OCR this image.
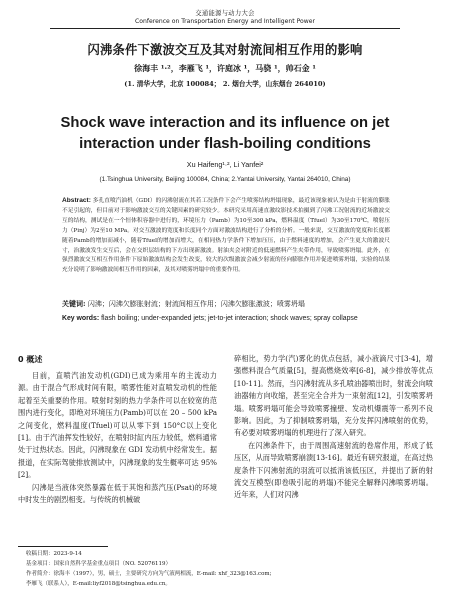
交通能源与动力大会
Conference on Transportation Energy and Intelligent Power
闪沸条件下激波交互及其对射流间相互作用的影响
徐海丰 ¹·²，李雁飞 ¹，许庭冰 ¹，马骁 ¹，帅石金 ¹
(1. 清华大学，北京 100084； 2. 烟台大学，山东烟台 264010)
Shock wave interaction and its influence on jet interaction under flash-boiling conditions
Xu Haifeng¹·², Li Yanfei²
(1.Tsinghua University, Beijing 100084, China; 2.Yantai University, Yantai 264010, China)
Abstract: 多孔直喷汽油机（GDI）的闪沸射流在其若工况条件下会产生喷雾结构坍塌现象，最近该现象被认为是由于射流的膨胀不足引起的，但目前对于影响激波交互的关键因素的研究较少。本研究采用高速直激纹影技术拍摄到了闪沸工况射流的近场激波交互的结构，测试是在一个恒体积容器中进行的，环境压力（Pamb）为10至300 kPa，燃料温度（Tfuel）为30至170℃，喷射压力（Pinj）为2至10 MPa。对交互激波的宽度和长度同个方面对激波结构进行了分析的分析。一般来说，交互激波的宽度和长度都随着Pamb的增加而减小，随着Tfuel的增加而增大，在相同热力学条件下增加压压，由于燃料速度的增加，会产生更大的激波尺寸，治激波发生交互后，会在交织层结构的下方出现新激波。射油夹会对附近的低速燃料产生夹带作用，导致喷雾坍塌。此外，在强烈激波交互相互作用条件下原始激波结构会发生改变，较大的次级激波会减少射流的径向膨胀作用并促进喷雾坍塌，实验的结果充分说明了影响激波间相互作用的因素，及其对喷雾坍塌中的重要作用。
关键词: 闪沸；闪沸欠膨胀射流；射流间相互作用；闪沸欠膨胀激波；喷雾坍塌
Key words: flash boiling; under-expanded jets; jet-to-jet interaction; shock waves; spray collapse
0 概述

目前，直喷汽油发动机(GDI)已成为乘用车的主流动力源。由于混合气形成时间有限，喷雾性能对直喷发动机的性能起着至关重要的作用。喷射时刻的热力学条件可以在较宽的范围内进行变化，即绝对环境压力(Pamb)可以在 20 – 500 kPa 之间变化，燃料温度(Tfuel)可以从零下到 150°C以上变化[1]。由于汽油挥发性较好，在喷射时缸内压力较低，燃料通常处于过热状态。因此，闪沸现象在 GDI 发动机中经常发生。据报道，在实际驾驶排放测试中，闪沸现象的发生概率可达 95%[2]。

闪沸是当液体突然暴露在低于其饱和蒸汽压(Psat)的环境中时发生的剧烈相变。与传统的机械破

碎相比，势力学(汽)雾化的优点包括，减小液滴尺寸[3-4]，增强燃料混合气质量[5]，提高燃烧效率[6-8]，减少排放等优点[10-11]。然而，当闪沸射流从多孔喷油器喷出时，射流会向喷油器轴方向收缩，甚至完全合并为一束射流[12]，引发喷雾坍塌。喷雾坍塌可能会导致喷雾撞壁、发动机爆震等一系列不良影响。因此，为了抑制喷雾坍塌，充分发挥闪沸喷射的优势，有必要对喷雾坍塌的机理进行了深入研究。

在闪沸条件下，由于周围高速射流的卷席作用，形成了低压区，从而导致喷雾崩溃[13-16]。最近有研究报道，在高过热度条件下闪沸射流的羽流可以抵消该低压区，并提出了新的射流交互模型(即卷吸引起的坍塌)不能完全解释闪沸喷雾坍塌。近年来，人们对闪沸

收稿日期：2023-9-14
基金项目：国家自然科学基金重点项目（NO. 52076119）
作者简介：徐海丰（1997），男，硕士，主要研究方向为气液两相流，E-mail: xhf_323@163.com;
李雁飞（联系人），E-mail:liyf2018@tsinghua.edu.cn。
